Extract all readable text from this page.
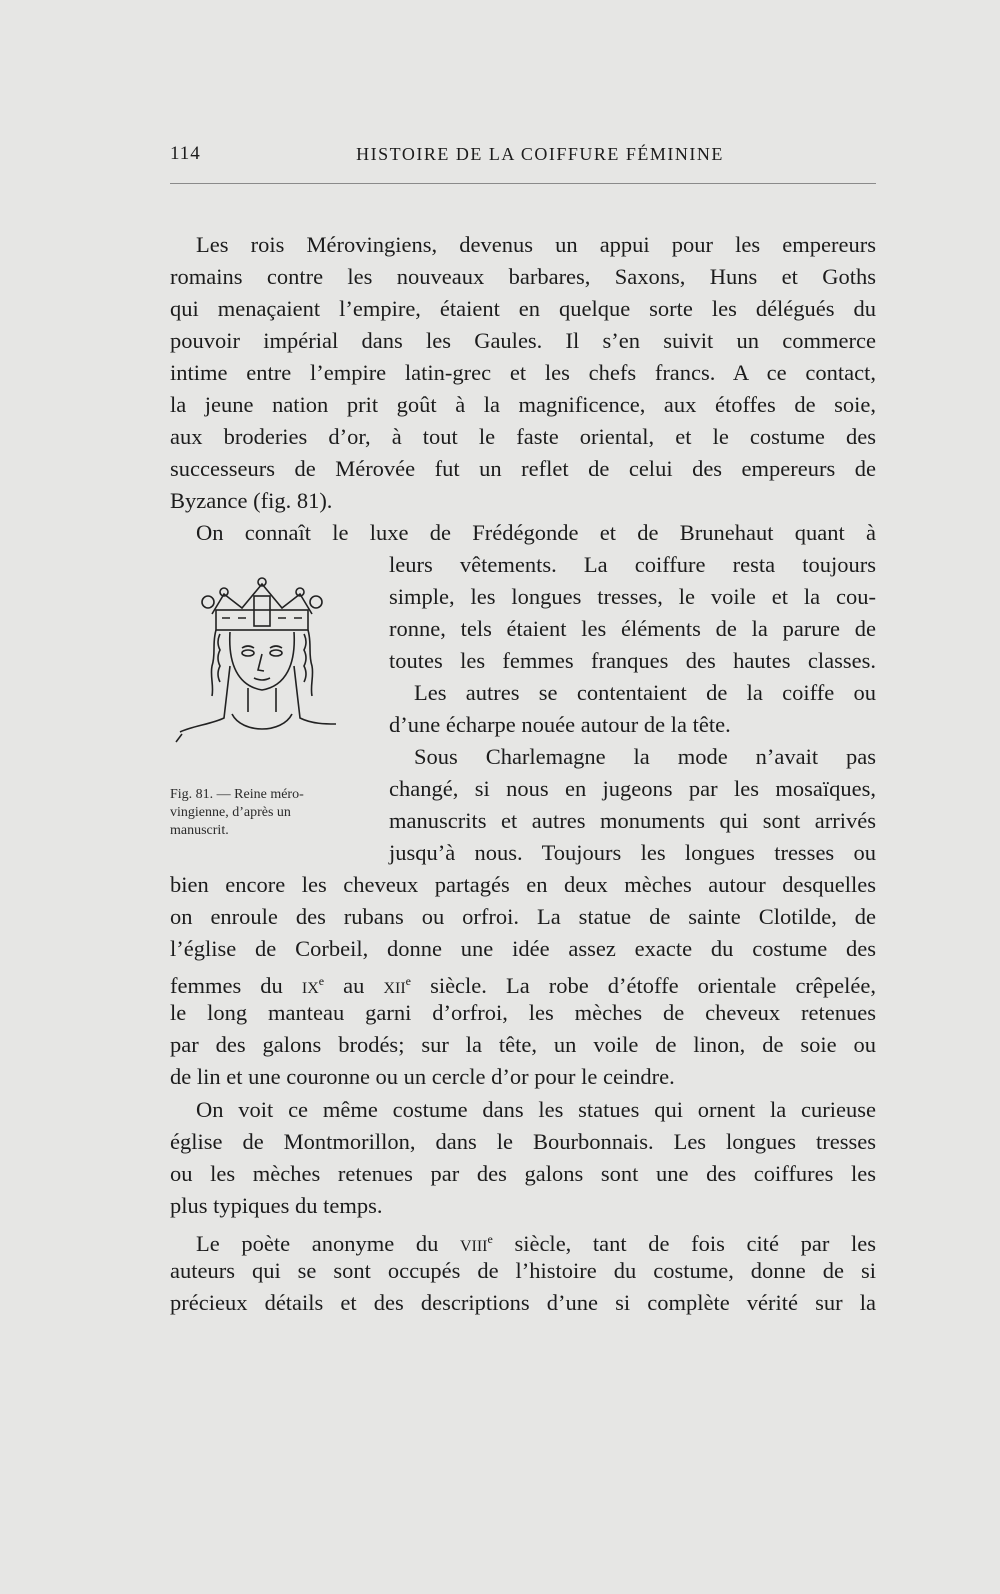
114	HISTOIRE DE LA COIFFURE FÉMININE
Les rois Mérovingiens, devenus un appui pour les empereurs
romains contre les nouveaux barbares, Saxons, Huns et Goths
qui menaçaient l’empire, étaient en quelque sorte les délégués du
pouvoir impérial dans les Gaules. Il s’en suivit un commerce
intime entre l’empire latin-grec et les chefs francs. A ce contact,
la jeune nation prit goût à la magnificence, aux étoffes de soie,
aux broderies d’or, à tout le faste oriental, et le costume des
successeurs de Mérovée fut un reflet de celui des empereurs de
Byzance (fig. 81).
On connaît le luxe de Frédégonde et de Brunehaut quant à
leurs vêtements. La coiffure resta toujours
simple, les longues tresses, le voile et la cou-
ronne, tels étaient les éléments de la parure de
toutes les femmes franques des hautes classes.
Les autres se contentaient de la coiffe ou
d’une écharpe nouée autour de la tête.
Sous Charlemagne la mode n’avait pas
changé, si nous en jugeons par les mosaïques,
manuscrits et autres monuments qui sont arrivés
jusqu’à nous. Toujours les longues tresses ou
bien encore les cheveux partagés en deux mèches autour desquelles
on enroule des rubans ou orfroi. La statue de sainte Clotilde, de
l’église de Corbeil, donne une idée assez exacte du costume des
femmes du $ix^e$ au xii$^e$ siècle. La robe d’étoffe orientale crêpelée,
le long manteau garni d’orfroi, les mèches de cheveux retenues
par des galons brodés; sur la tête, un voile de linon, de soie ou
de lin et une couronne ou un cercle d’or pour le ceindre.
On voit ce même costume dans les statues qui ornent la curieuse
église de Montmorillon, dans le Bourbonnais. Les longues tresses
ou les mèches retenues par des galons sont une des coiffures les
plus typiques du temps.
Le poète anonyme du viii$^e$ siècle, tant de fois cité par les
auteurs qui se sont occupés de l’histoire du costume, donne de si
précieux détails et des descriptions d’une si complète vérité sur la
Fig. 81. — Reine méro-
vingienne, d’après un
manuscrit.
